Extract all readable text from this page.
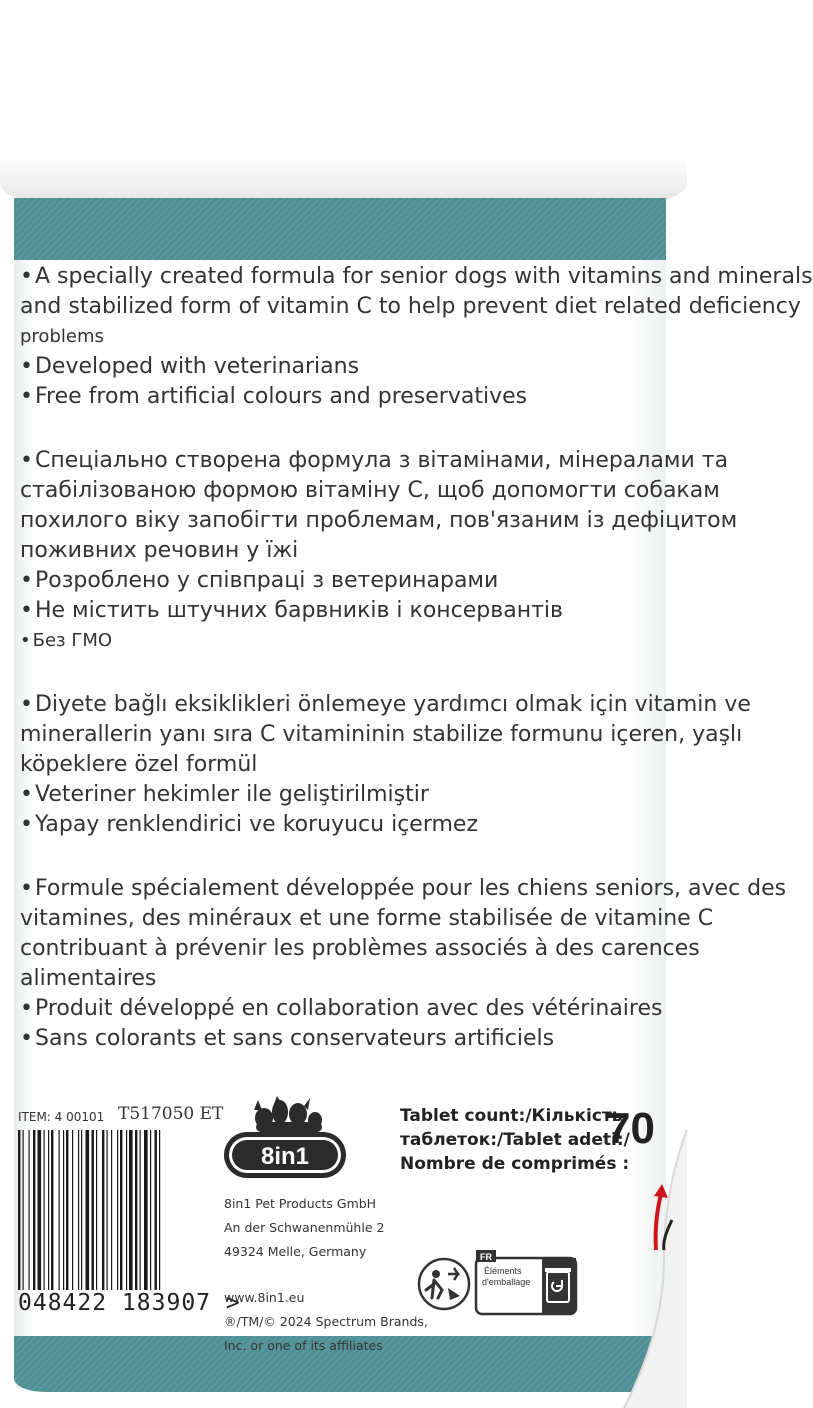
• A specially created formula for senior dogs with vitamins and minerals

and stabilized form of vitamin C to help prevent diet related deficiency

problems

• Developed with veterinarians

• Free from artificial colours and preservatives

• Спеціально створена формула з вітамінами, мінералами та

стабілізованою формою вітаміну С, щоб допомогти собакам

похилого віку запобігти проблемам, пов'язаним із дефіцитом

поживних речовин у їжі

• Розроблено у співпраці з ветеринарами

• Не містить штучних барвників і консервантів

• Без ГМО

• Diyete bağlı eksiklikleri önlemeye yardımcı olmak için vitamin ve

minerallerin yanı sıra C vitamininin stabilize formunu içeren, yaşlı

köpeklere özel formül

• Veteriner hekimler ile geliştirilmiştir

• Yapay renklendirici ve koruyucu içermez

• Formule spécialement développée pour les chiens seniors, avec des

vitamines, des minéraux et une forme stabilisée de vitamine C

contribuant à prévenir les problèmes associés à des carences

alimentaires

• Produit développé en collaboration avec des vétérinaires

• Sans colorants et sans conservateurs artificiels

ITEM: 4 00101 T517050 ET
048422 183907 >
8in1
8in1 Pet Products GmbH
An der Schwanenmühle 2
49324 Melle, Germany
www.8in1.eu
®/TM/© 2024 Spectrum Brands,
Inc. or one of its affiliates
Tablet count:/Кількість
таблеток:/Tablet adeti:/
Nombre de comprimés :
70
FR
Éléments
d'emballage
